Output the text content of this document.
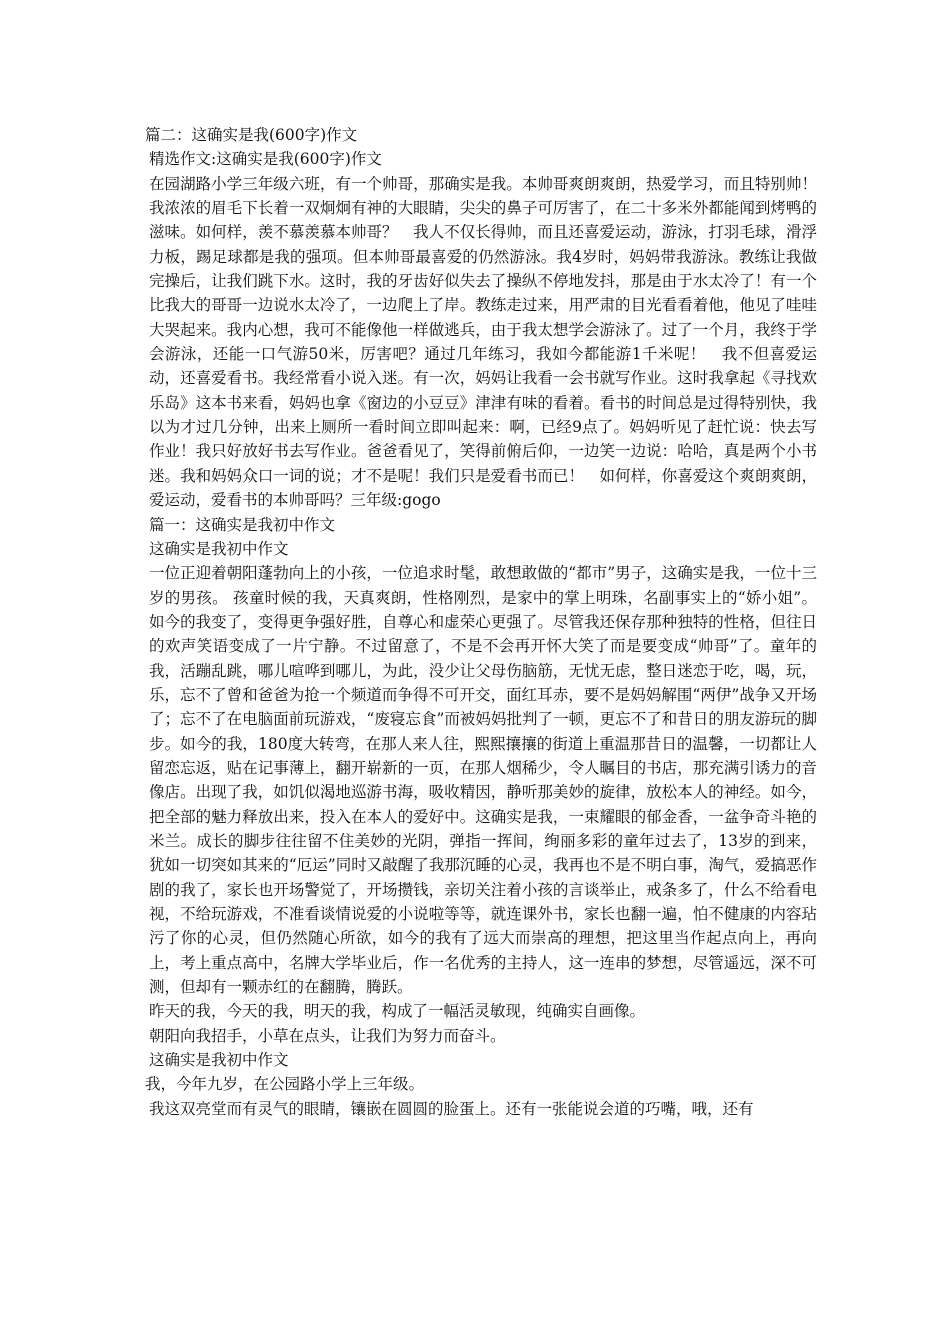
篇二：这确实是我(600字)作文

精选作文:这确实是我(600字)作文

在园湖路小学三年级六班，有一个帅哥，那确实是我。本帅哥爽朗爽朗，热爱学习，而且特别帅！　我浓浓的眉毛下长着一双炯炯有神的大眼睛，尖尖的鼻子可厉害了，在二十多米外都能闻到烤鸭的滋味。如何样，羡不慕羡慕本帅哥？　我人不仅长得帅，而且还喜爱运动，游泳，打羽毛球，滑浮力板，踢足球都是我的强项。但本帅哥最喜爱的仍然游泳。我4岁时，妈妈带我游泳。教练让我做完操后，让我们跳下水。这时，我的牙齿好似失去了操纵不停地发抖，那是由于水太冷了！有一个比我大的哥哥一边说水太冷了，一边爬上了岸。教练走过来，用严肃的目光看看着他，他见了哇哇大哭起来。我内心想，我可不能像他一样做逃兵，由于我太想学会游泳了。过了一个月，我终于学会游泳，还能一口气游50米，厉害吧？通过几年练习，我如今都能游1千米呢！　我不但喜爱运动，还喜爱看书。我经常看小说入迷。有一次，妈妈让我看一会书就写作业。这时我拿起《寻找欢乐岛》这本书来看，妈妈也拿《窗边的小豆豆》津津有味的看着。看书的时间总是过得特别快，我以为才过几分钟，出来上厕所一看时间立即叫起来：啊，已经9点了。妈妈听见了赶忙说：快去写作业！我只好放好书去写作业。爸爸看见了，笑得前俯后仰，一边笑一边说：哈哈，真是两个小书迷。我和妈妈众口一词的说；才不是呢！我们只是爱看书而已！　如何样，你喜爱这个爽朗爽朗，爱运动，爱看书的本帅哥吗？三年级:gogo

篇一：这确实是我初中作文

这确实是我初中作文

一位正迎着朝阳蓬勃向上的小孩，一位追求时髦，敢想敢做的“都市”男子，这确实是我，一位十三岁的男孩。 孩童时候的我，天真爽朗，性格刚烈，是家中的掌上明珠，名副事实上的“娇小姐”。如今的我变了，变得更争强好胜，自尊心和虚荣心更强了。尽管我还保存那种独特的性格，但往日的欢声笑语变成了一片宁静。不过留意了，不是不会再开怀大笑了而是要变成“帅哥”了。童年的我，活蹦乱跳，哪儿喧哗到哪儿，为此，没少让父母伤脑筋，无忧无虑，整日迷恋于吃，喝，玩，乐，忘不了曾和爸爸为抢一个频道而争得不可开交，面红耳赤，要不是妈妈解围“两伊”战争又开场了；忘不了在电脑面前玩游戏，“废寝忘食”而被妈妈批判了一顿，更忘不了和昔日的朋友游玩的脚步。如今的我，180度大转弯，在那人来人往，熙熙攘攘的街道上重温那昔日的温馨，一切都让人留恋忘返，贴在记事薄上，翻开崭新的一页，在那人烟稀少，令人瞩目的书店，那充满引诱力的音像店。出现了我，如饥似渴地巡游书海，吸收精因，静听那美妙的旋律，放松本人的神经。如今，把全部的魅力释放出来，投入在本人的爱好中。这确实是我，一束耀眼的郁金香，一盆争奇斗艳的米兰。成长的脚步往往留不住美妙的光阴，弹指一挥间，绚丽多彩的童年过去了，13岁的到来，犹如一切突如其来的“厄运”同时又敲醒了我那沉睡的心灵，我再也不是不明白事，淘气，爱搞恶作剧的我了，家长也开场警觉了，开场攒钱，亲切关注着小孩的言谈举止，戒条多了，什么不给看电视，不给玩游戏，不准看谈情说爱的小说啦等等，就连课外书，家长也翻一遍，怕不健康的内容玷污了你的心灵，但仍然随心所欲，如今的我有了远大而崇高的理想，把这里当作起点向上，再向上，考上重点高中，名牌大学毕业后，作一名优秀的主持人，这一连串的梦想，尽管遥远，深不可测，但却有一颗赤红的在翻腾，腾跃。

昨天的我，今天的我，明天的我，构成了一幅活灵敏现，纯确实自画像。

朝阳向我招手，小草在点头，让我们为努力而奋斗。

这确实是我初中作文

我，今年九岁，在公园路小学上三年级。

我这双亮堂而有灵气的眼睛，镶嵌在圆圆的脸蛋上。还有一张能说会道的巧嘴，哦，还有
